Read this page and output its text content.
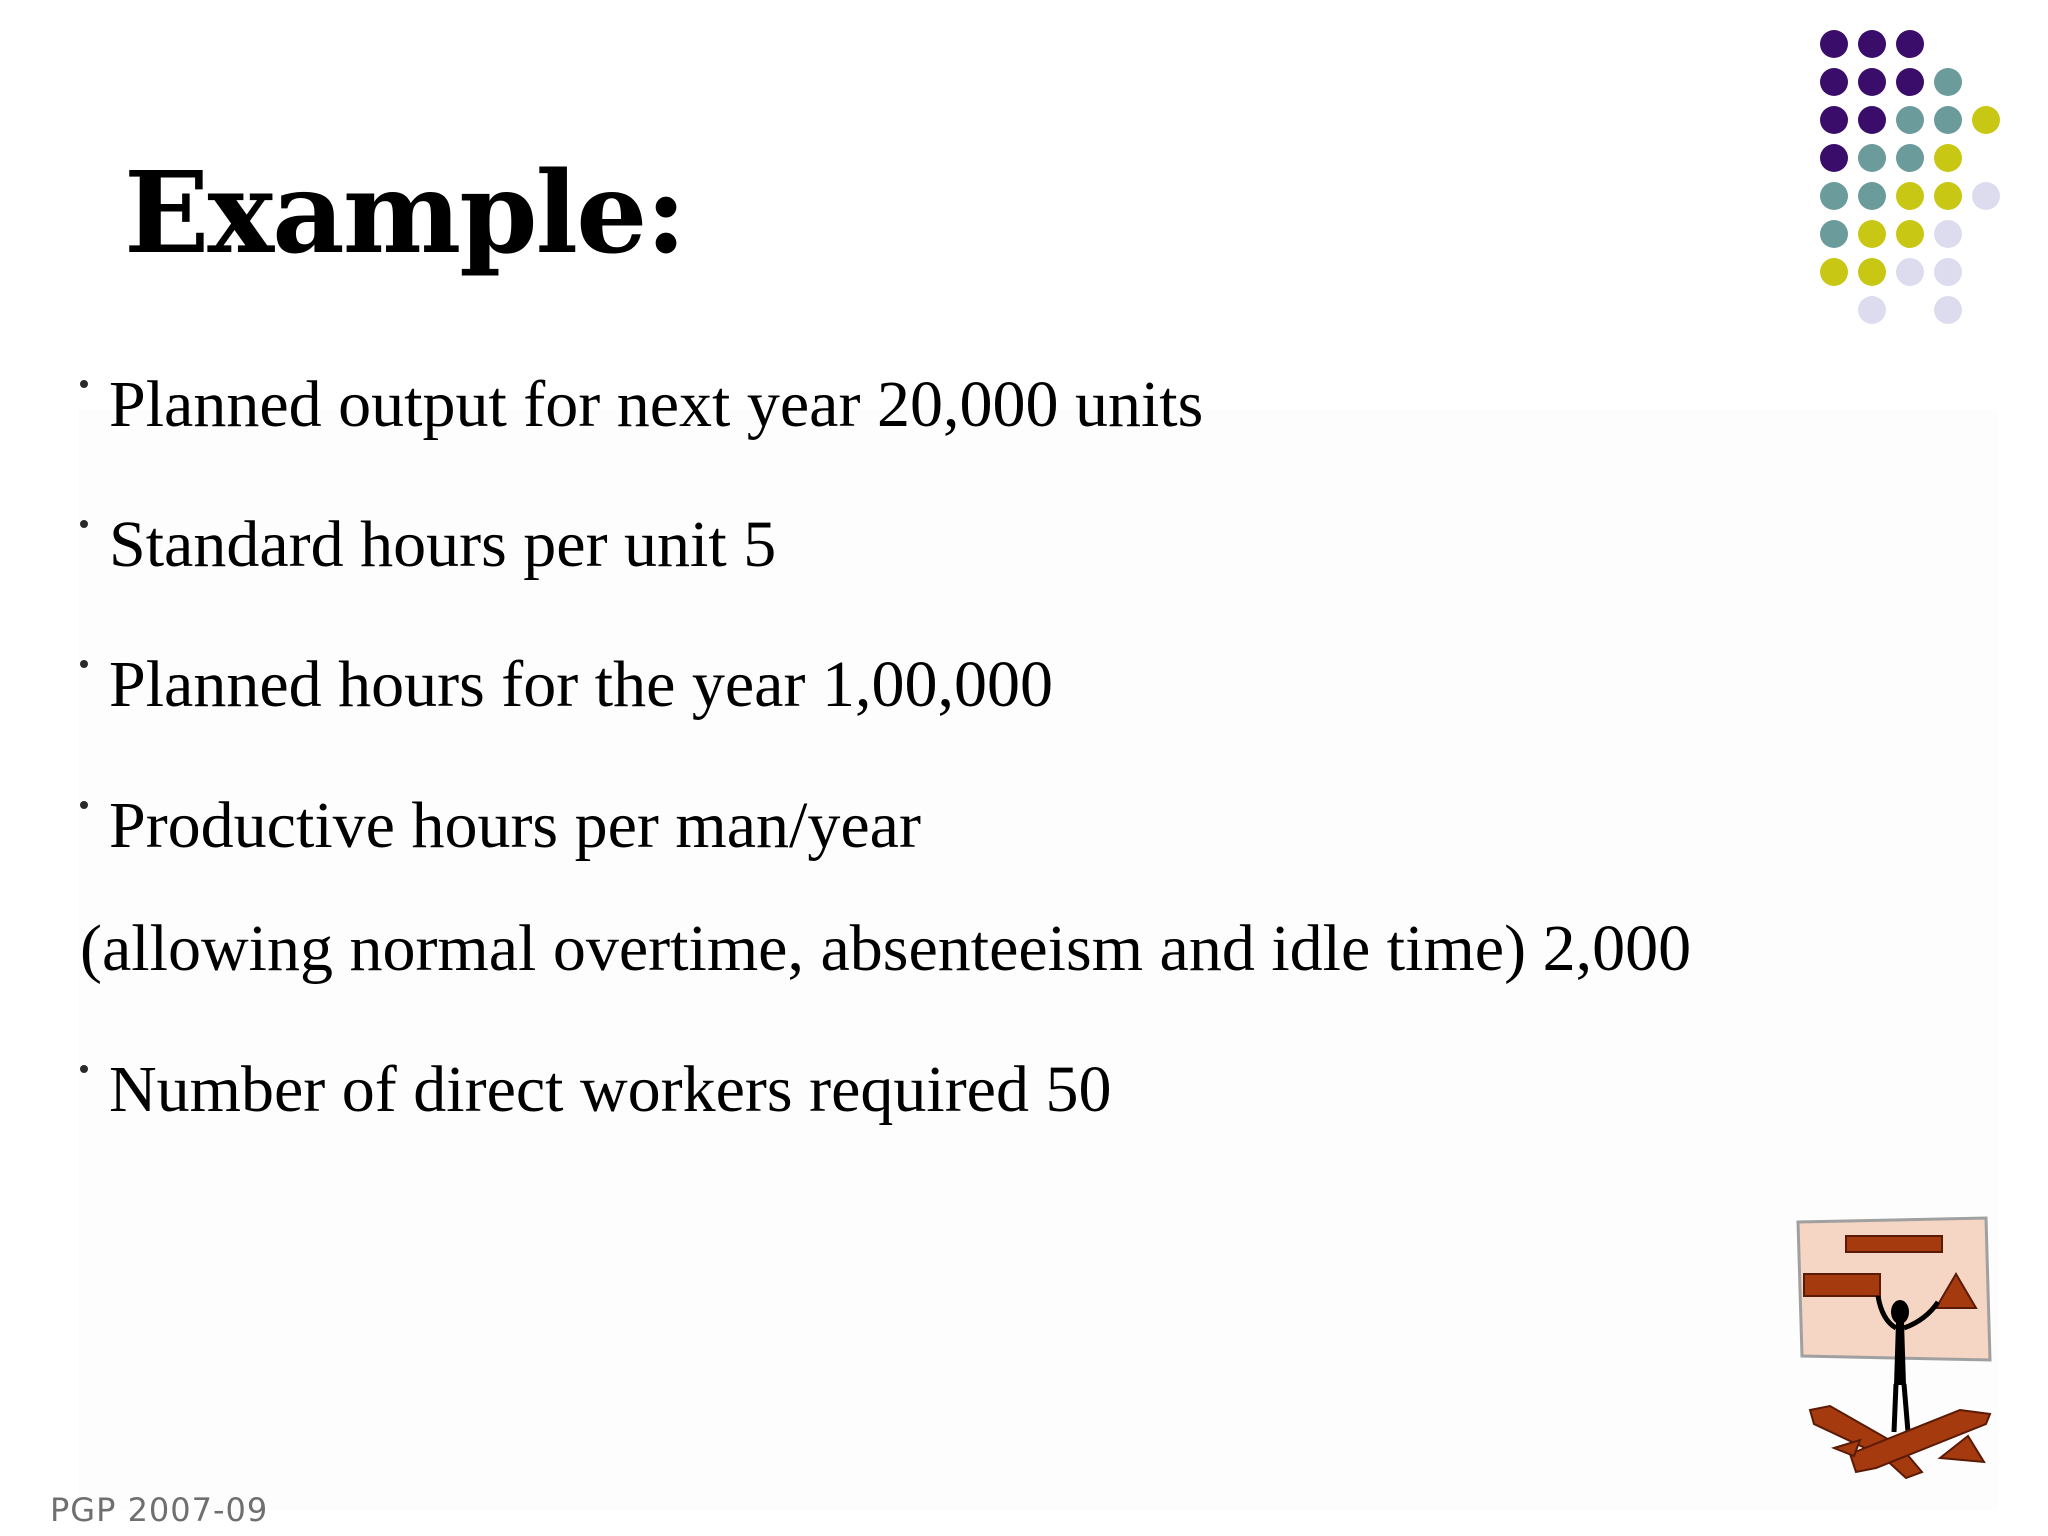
Example:
Planned output for next year 20,000 units
Standard hours per unit 5
Planned hours for the year 1,00,000
Productive hours per man/year
(allowing normal overtime, absenteeism and idle time) 2,000
Number of direct workers required 50
PGP 2007-09
